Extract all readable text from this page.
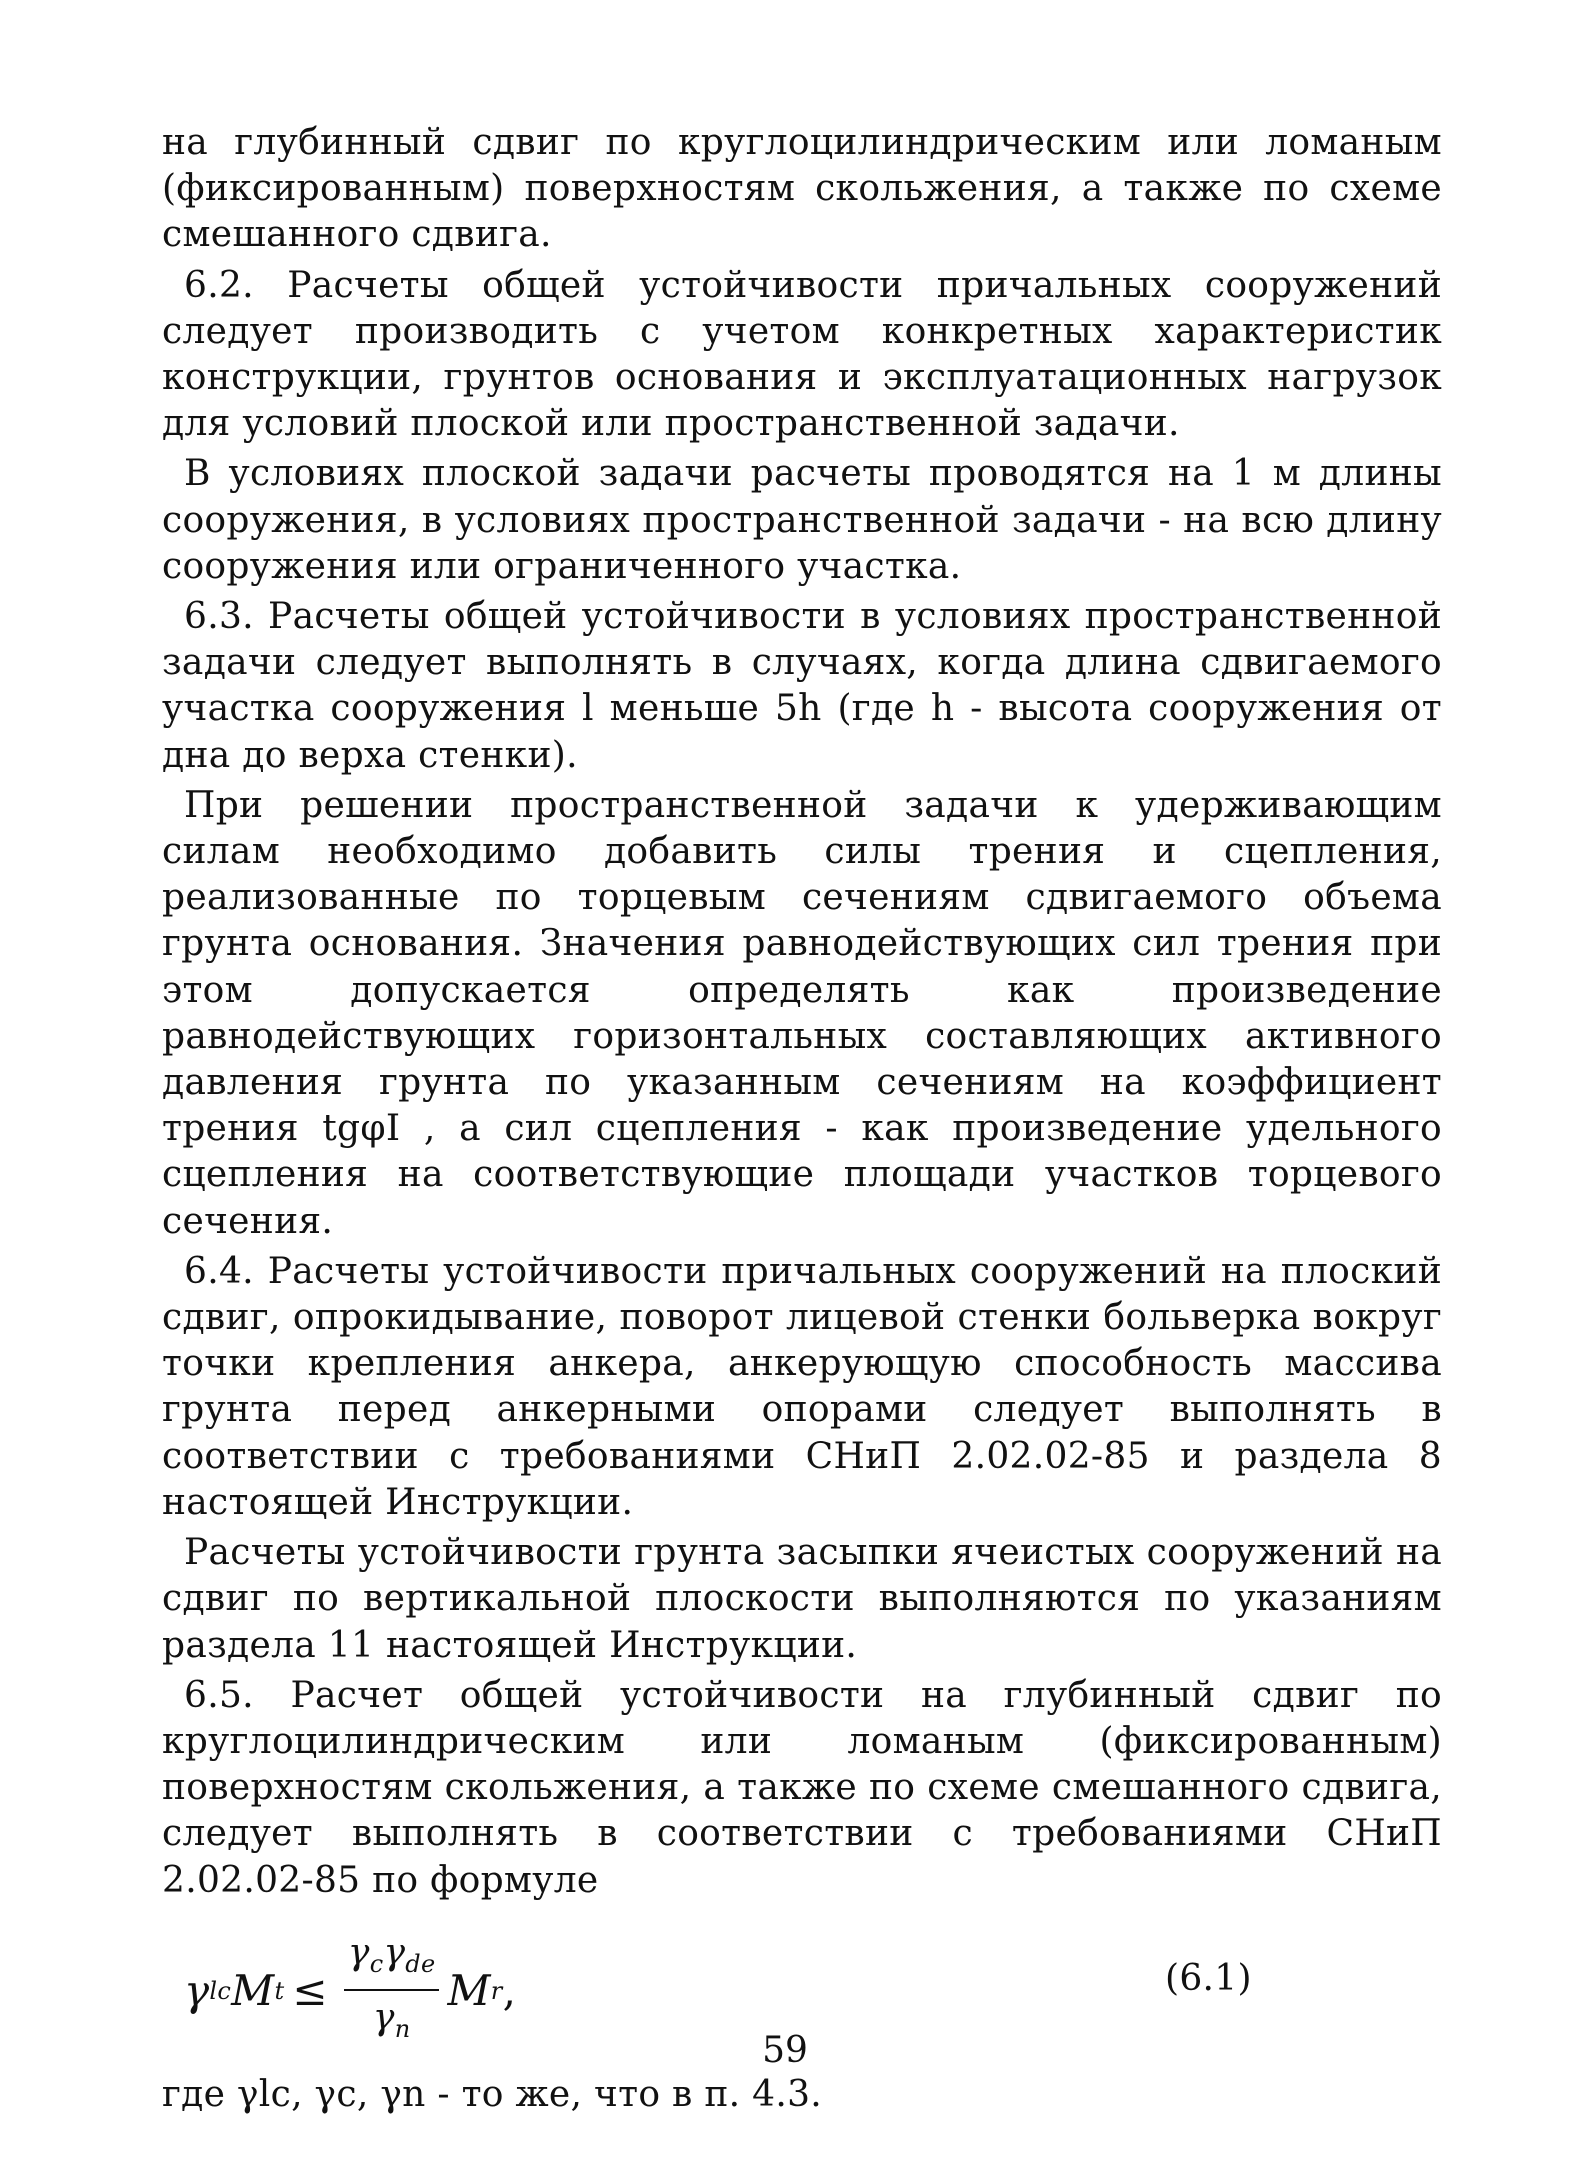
на глубинный сдвиг по круглоцилиндрическим или ломаным (фиксированным) поверхностям скольжения, а также по схеме смешанного сдвига.

6.2. Расчеты общей устойчивости причальных сооружений следует производить с учетом конкретных характеристик конструкции, грунтов основания и эксплуатационных нагрузок для условий плоской или пространственной задачи.

В условиях плоской задачи расчеты проводятся на 1 м длины сооружения, в условиях пространственной задачи - на всю длину сооружения или ограниченного участка.

6.3. Расчеты общей устойчивости в условиях пространственной задачи следует выполнять в случаях, когда длина сдвигаемого участка сооружения l меньше 5h (где h - высота сооружения от дна до верха стенки).

При решении пространственной задачи к удерживающим силам необходимо добавить силы трения и сцепления, реализованные по торцевым сечениям сдвигаемого объема грунта основания. Значения равнодействующих сил трения при этом допускается определять как произведение равнодействующих горизонтальных составляющих активного давления грунта по указанным сечениям на коэффициент трения tgφI , а сил сцепления - как произведение удельного сцепления на соответствующие площади участков торцевого сечения.

6.4. Расчеты устойчивости причальных сооружений на плоский сдвиг, опрокидывание, поворот лицевой стенки больверка вокруг точки крепления анкера, анкерующую способность массива грунта перед анкерными опорами следует выполнять в соответствии с требованиями СНиП 2.02.02-85 и раздела 8 настоящей Инструкции.

Расчеты устойчивости грунта засыпки ячеистых сооружений на сдвиг по вертикальной плоскости выполняются по указаниям раздела 11 настоящей Инструкции.

6.5. Расчет общей устойчивости на глубинный сдвиг по круглоцилиндрическим или ломаным (фиксированным) поверхностям скольжения, а также по схеме смешанного сдвига, следует выполнять в соответствии с требованиями СНиП 2.02.02-85 по формуле

γ lc M $t \le \frac{\gamma_c\gamma_{de}}{\gamma_n}$ M r ,	(6.1)

где γlc, γc, γn - то же, что в п. 4.3.

59
